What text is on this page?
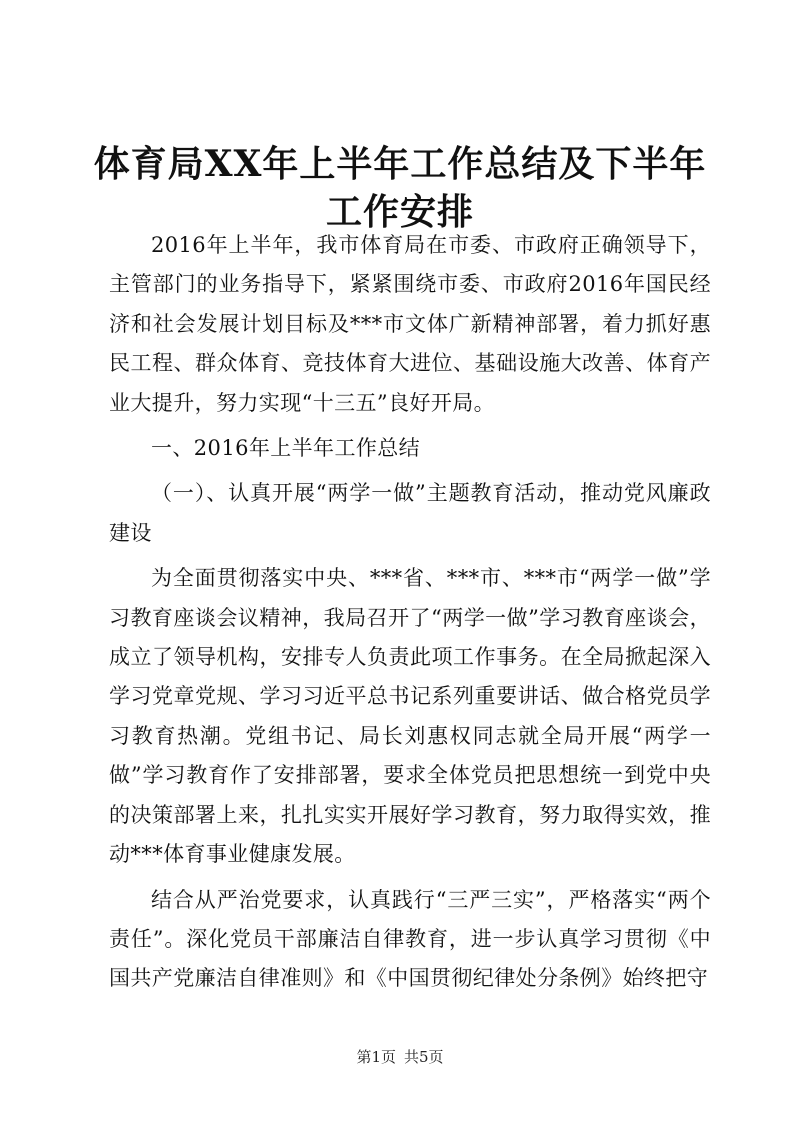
体育局XX年上半年工作总结及下半年工作安排

2016年上半年，我市体育局在市委、市政府正确领导下，主管部门的业务指导下，紧紧围绕市委、市政府2016年国民经济和社会发展计划目标及***市文体广新精神部署，着力抓好惠民工程、群众体育、竞技体育大进位、基础设施大改善、体育产业大提升，努力实现“十三五”良好开局。

一、2016年上半年工作总结

（一）、认真开展“两学一做”主题教育活动，推动党风廉政建设

为全面贯彻落实中央、***省、***市、***市“两学一做”学习教育座谈会议精神，我局召开了“两学一做”学习教育座谈会，成立了领导机构，安排专人负责此项工作事务。在全局掀起深入学习党章党规、学习习近平总书记系列重要讲话、做合格党员学习教育热潮。党组书记、局长刘惠权同志就全局开展“两学一做”学习教育作了安排部署，要求全体党员把思想统一到党中央的决策部署上来，扎扎实实开展好学习教育，努力取得实效，推动***体育事业健康发展。

结合从严治党要求，认真践行“三严三实”，严格落实“两个责任”。深化党员干部廉洁自律教育，进一步认真学习贯彻《中国共产党廉洁自律准则》和《中国贯彻纪律处分条例》始终把守

第1页 共5页
